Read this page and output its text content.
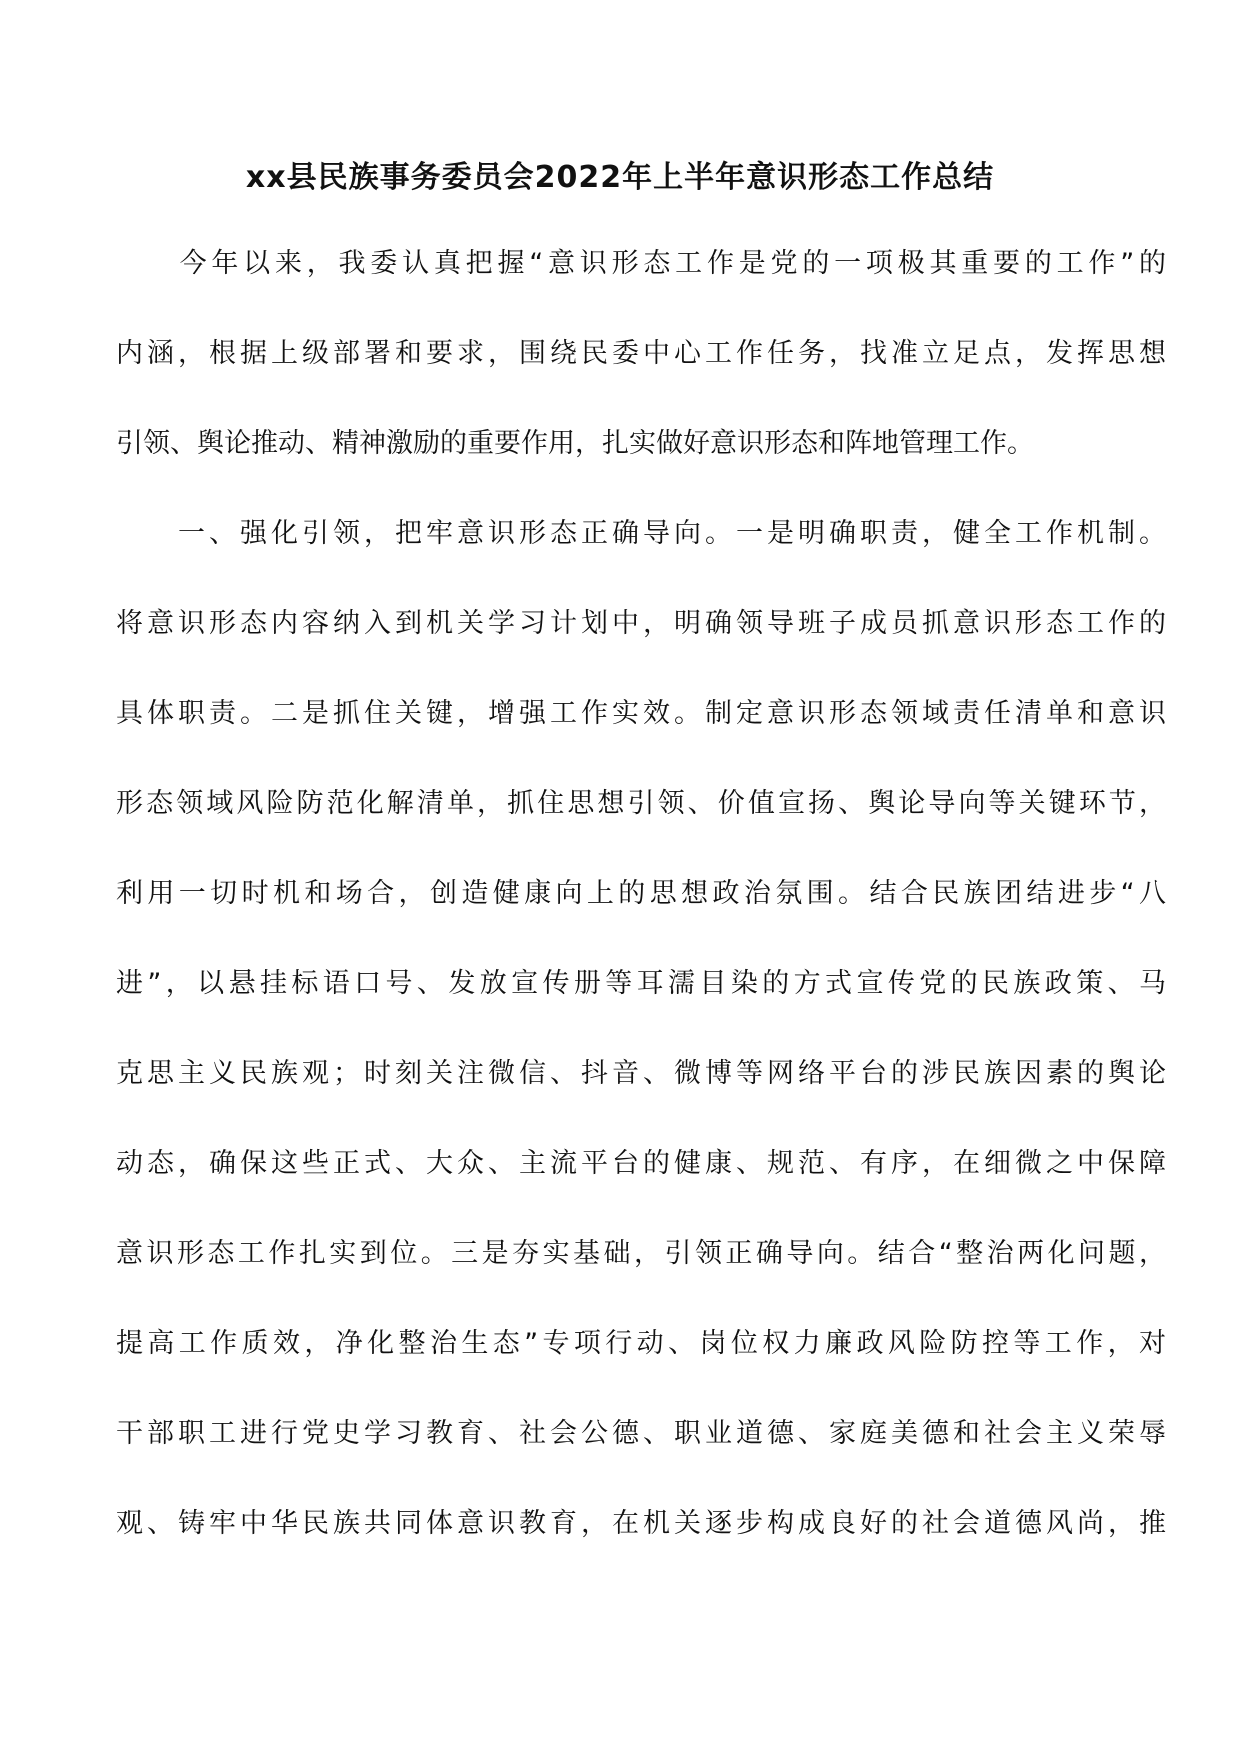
xx县民族事务委员会2022年上半年意识形态工作总结
　　今年以来，我委认真把握“意识形态工作是党的一项极其重要的工作”的
内涵，根据上级部署和要求，围绕民委中心工作任务，找准立足点，发挥思想
引领、舆论推动、精神激励的重要作用，扎实做好意识形态和阵地管理工作。
　　一、强化引领，把牢意识形态正确导向。一是明确职责，健全工作机制。
将意识形态内容纳入到机关学习计划中，明确领导班子成员抓意识形态工作的
具体职责。二是抓住关键，增强工作实效。制定意识形态领域责任清单和意识
形态领域风险防范化解清单，抓住思想引领、价值宣扬、舆论导向等关键环节，
利用一切时机和场合，创造健康向上的思想政治氛围。结合民族团结进步“八
进”，以悬挂标语口号、发放宣传册等耳濡目染的方式宣传党的民族政策、马
克思主义民族观；时刻关注微信、抖音、微博等网络平台的涉民族因素的舆论
动态，确保这些正式、大众、主流平台的健康、规范、有序，在细微之中保障
意识形态工作扎实到位。三是夯实基础，引领正确导向。结合“整治两化问题，
提高工作质效，净化整治生态”专项行动、岗位权力廉政风险防控等工作，对
干部职工进行党史学习教育、社会公德、职业道德、家庭美德和社会主义荣辱
观、铸牢中华民族共同体意识教育，在机关逐步构成良好的社会道德风尚，推
